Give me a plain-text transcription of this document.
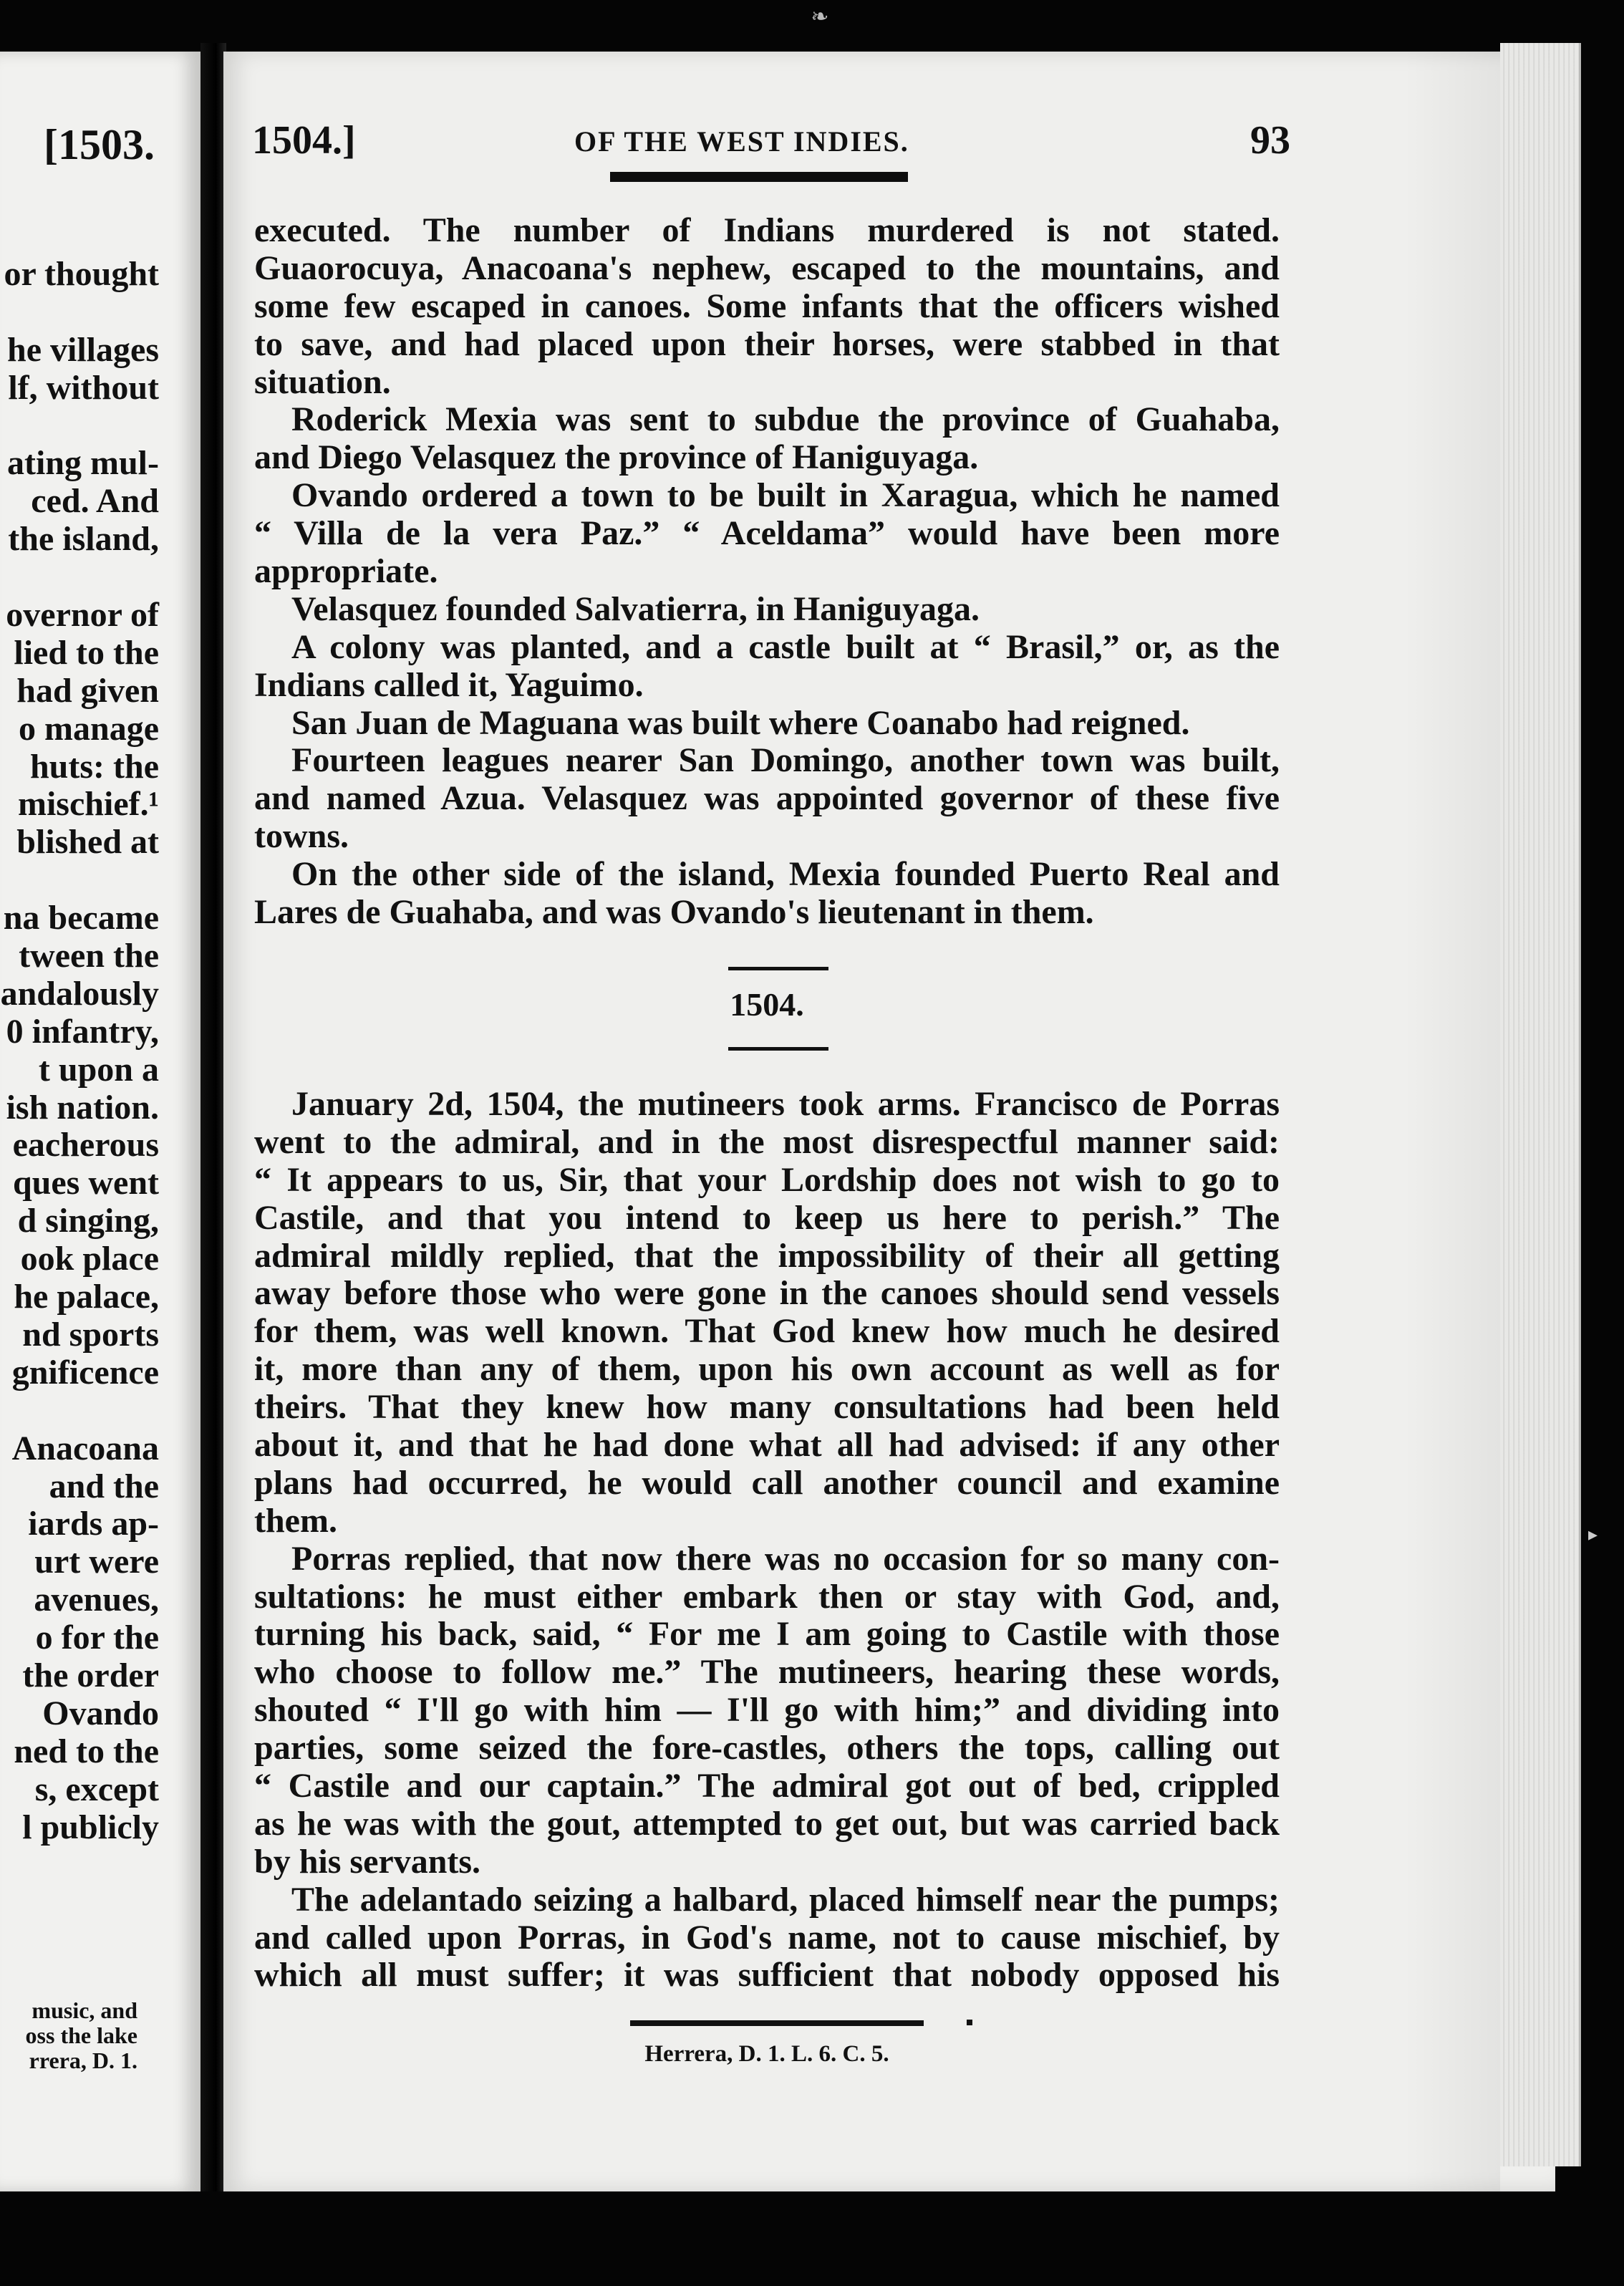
❧
[1503.
or thought
he villages
lf, without
ating mul-
ced. And
the island,
overnor of
lied to the
had given
o manage
huts: the
mischief.¹
blished at
na became
tween the
andalously
0 infantry,
t upon a
ish nation.
eacherous
ques went
d singing,
ook place
he palace,
nd sports
gnificence
Anacoana
and the
iards ap-
urt were
avenues,
o for the
the order
Ovando
ned to the
s, except
l publicly
music, and
oss the lake
rrera, D. 1.
1504.]	OF THE WEST INDIES.	93
executed. The number of Indians murdered is not stated.
Guaorocuya, Anacoana's nephew, escaped to the mountains, and
some few escaped in canoes. Some infants that the officers wished
to save, and had placed upon their horses, were stabbed in that
situation.
Roderick Mexia was sent to subdue the province of Guahaba,
and Diego Velasquez the province of Haniguyaga.
Ovando ordered a town to be built in Xaragua, which he named
“ Villa de la vera Paz.” “ Aceldama” would have been more
appropriate.
Velasquez founded Salvatierra, in Haniguyaga.
A colony was planted, and a castle built at “ Brasil,” or, as the
Indians called it, Yaguimo.
San Juan de Maguana was built where Coanabo had reigned.
Fourteen leagues nearer San Domingo, another town was built,
and named Azua. Velasquez was appointed governor of these five
towns.
On the other side of the island, Mexia founded Puerto Real and
Lares de Guahaba, and was Ovando's lieutenant in them.
1504.
January 2d, 1504, the mutineers took arms. Francisco de Porras
went to the admiral, and in the most disrespectful manner said:
“ It appears to us, Sir, that your Lordship does not wish to go to
Castile, and that you intend to keep us here to perish.” The
admiral mildly replied, that the impossibility of their all getting
away before those who were gone in the canoes should send vessels
for them, was well known. That God knew how much he desired
it, more than any of them, upon his own account as well as for
theirs. That they knew how many consultations had been held
about it, and that he had done what all had advised: if any other
plans had occurred, he would call another council and examine
them.
Porras replied, that now there was no occasion for so many con-
sultations: he must either embark then or stay with God, and,
turning his back, said, “ For me I am going to Castile with those
who choose to follow me.” The mutineers, hearing these words,
shouted “ I'll go with him — I'll go with him;” and dividing into
parties, some seized the fore-castles, others the tops, calling out
“ Castile and our captain.” The admiral got out of bed, crippled
as he was with the gout, attempted to get out, but was carried back
by his servants.
The adelantado seizing a halbard, placed himself near the pumps;
and called upon Porras, in God's name, not to cause mischief, by
which all must suffer; it was sufficient that nobody opposed his
Herrera, D. 1. L. 6. C. 5.
▸
